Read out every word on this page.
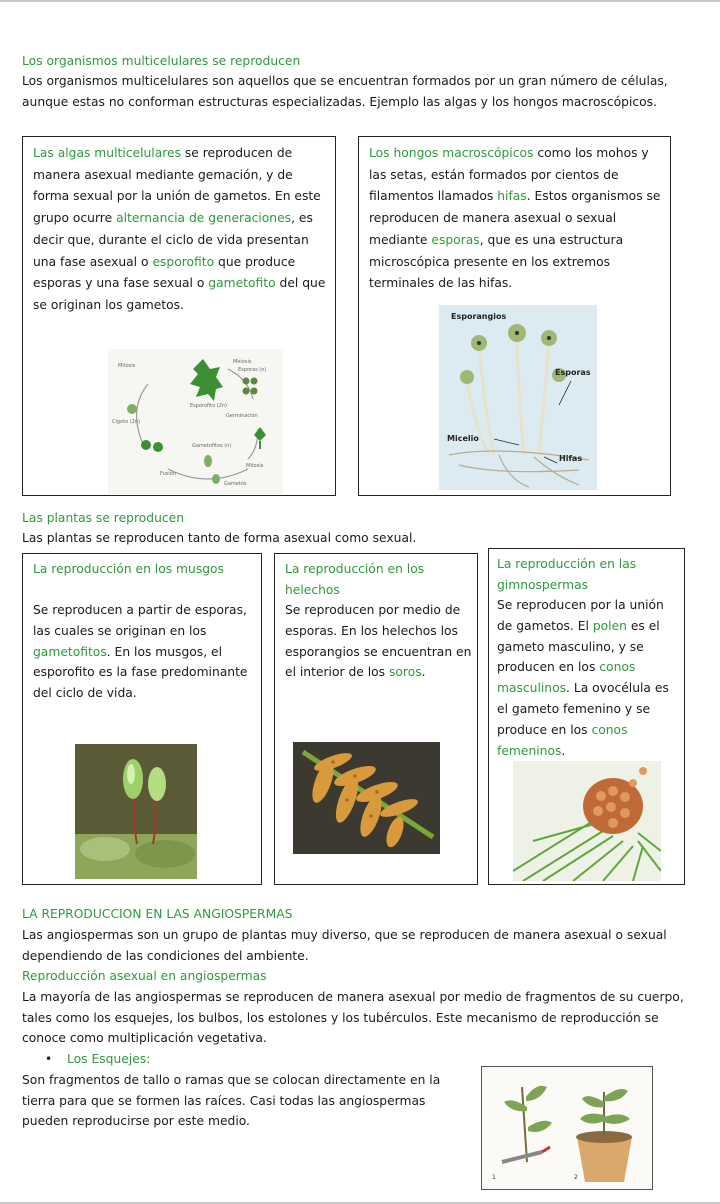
Los organismos multicelulares se reproducen
Los organismos multicelulares son aquellos que se encuentran formados por un gran número de células, aunque estas no conforman estructuras especializadas. Ejemplo las algas y los hongos macroscópicos.
Las algas multicelulares se reproducen de manera asexual mediante gemación, y de forma sexual por la unión de gametos. En este grupo ocurre alternancia de generaciones, es decir que, durante el ciclo de vida presentan una fase asexual o esporofito que produce esporas y una fase sexual o gametofito del que se originan los gametos.
Mitosis
Meiosis
Esporas (n)
Esporofito (2n)
Cigoto (2n)
Germinación
Gametofitos (n)
Fusión
Mitosis
Gametos
Los hongos macroscópicos como los mohos y las setas, están formados por cientos de filamentos llamados hifas. Estos organismos se reproducen de manera asexual o sexual mediante esporas, que es una estructura microscópica presente en los extremos terminales de las hifas.
Esporangios
Esporas
Micelio
Hifas
Las plantas se reproducen
Las plantas se reproducen tanto de forma asexual como sexual.
La reproducción en los musgos
Se reproducen a partir de esporas, las cuales se originan en los gametofitos. En los musgos, el esporofito es la fase predominante del ciclo de vida.
La reproducción en los helechos
Se reproducen por medio de esporas. En los helechos los esporangios se encuentran en el interior de los soros.
La reproducción en las gimnospermas
Se reproducen por la unión de gametos. El polen es el gameto masculino, y se producen en los conos masculinos. La ovocélula es el gameto femenino y se produce en los conos femeninos.
LA REPRODUCCION EN LAS ANGIOSPERMAS
Las angiospermas son un grupo de plantas muy diverso, que se reproducen de manera asexual o sexual dependiendo de las condiciones del ambiente.
Reproducción asexual en angiospermas
La mayoría de las angiospermas se reproducen de manera asexual por medio de fragmentos de su cuerpo, tales como los esquejes, los bulbos, los estolones y los tubérculos. Este mecanismo de reproducción se conoce como multiplicación vegetativa.
• Los Esquejes:
Son fragmentos de tallo o ramas que se colocan directamente en la tierra para que se formen las raíces. Casi todas las angiospermas pueden reproducirse por este medio.
1	2
